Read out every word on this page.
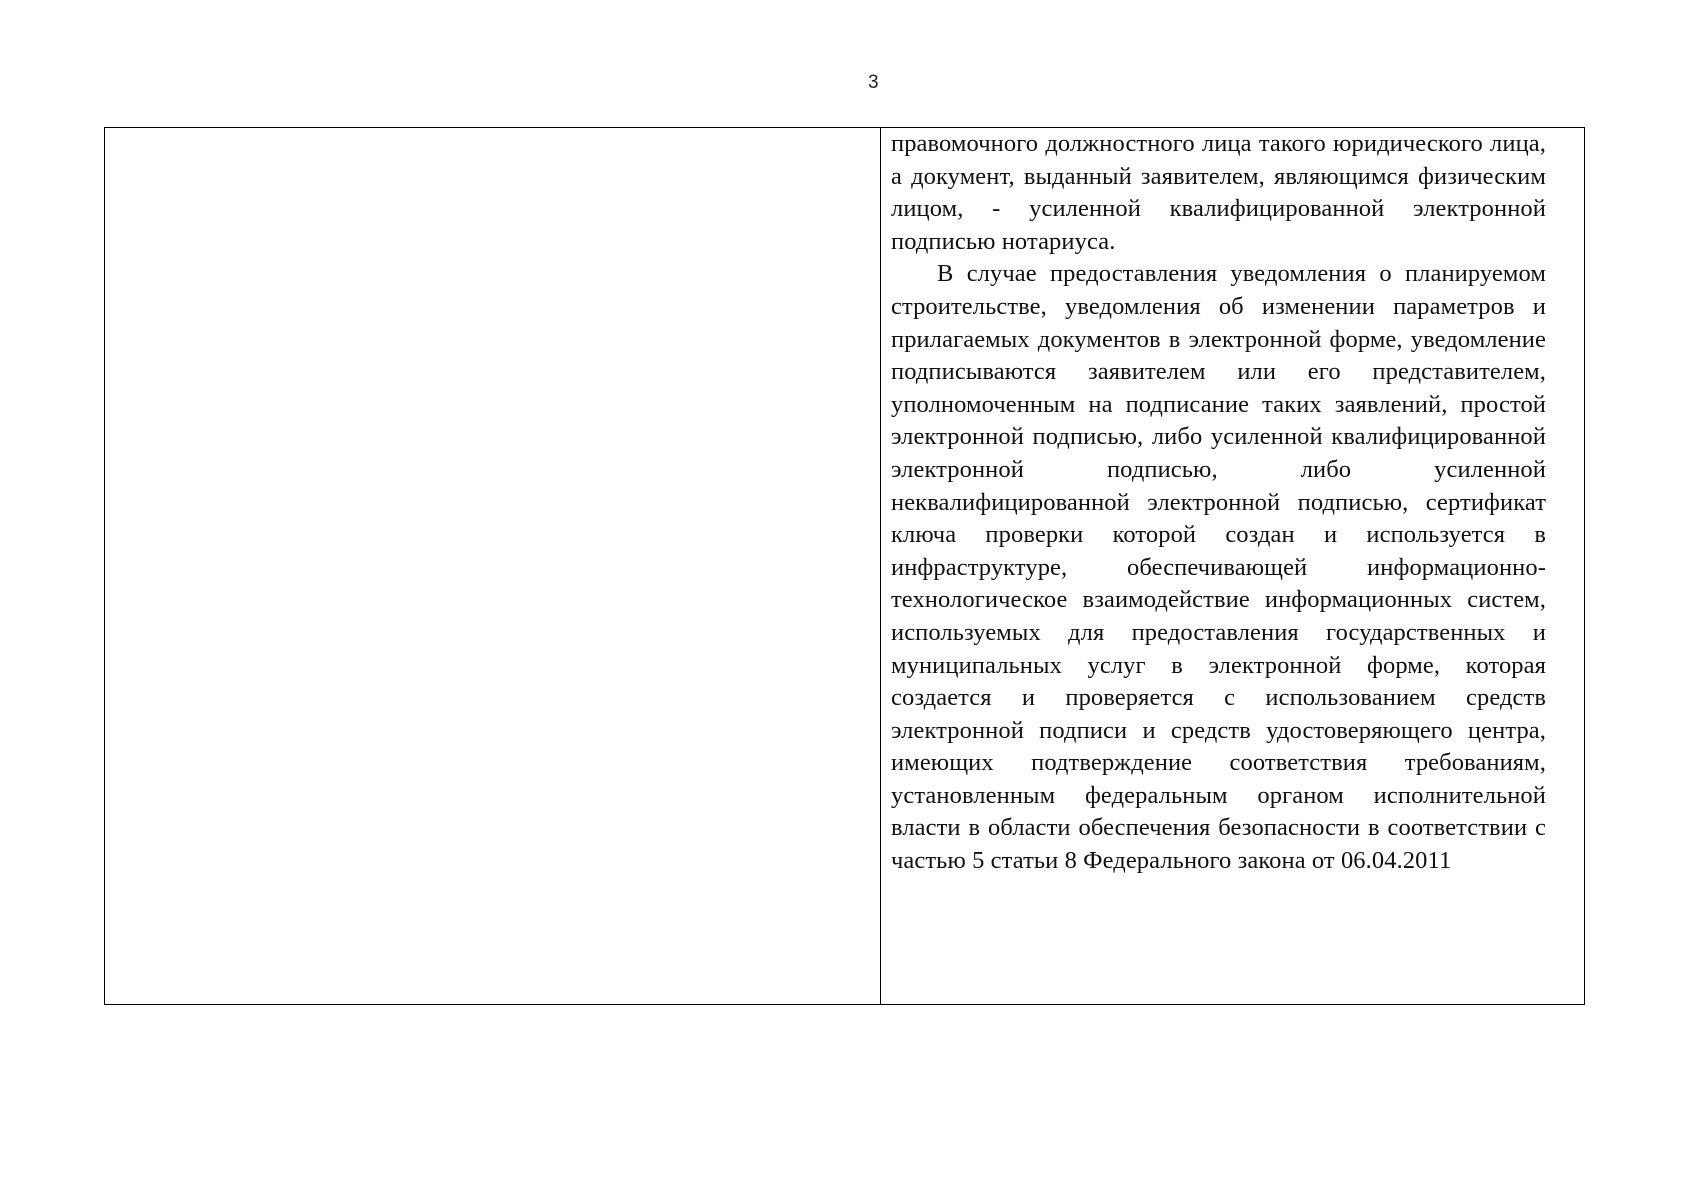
3

правомочного должностного лица такого юридического лица, а документ, выданный заявителем, являющимся физическим лицом, - усиленной квалифицированной электронной подписью нотариуса.

В случае предоставления уведомления о планируемом строительстве, уведомления об изменении параметров и прилагаемых документов в электронной форме, уведомление подписываются заявителем или его представителем, уполномоченным на подписание таких заявлений, простой электронной подписью, либо усиленной квалифицированной электронной подписью, либо усиленной неквалифицированной электронной подписью, сертификат ключа проверки которой создан и используется в инфраструктуре, обеспечивающей информационно-технологическое взаимодействие информационных систем, используемых для предоставления государственных и муниципальных услуг в электронной форме, которая создается и проверяется с использованием средств электронной подписи и средств удостоверяющего центра, имеющих подтверждение соответствия требованиям, установленным федеральным органом исполнительной власти в области обеспечения безопасности в соответствии с частью 5 статьи 8 Федерального закона от 06.04.2011
